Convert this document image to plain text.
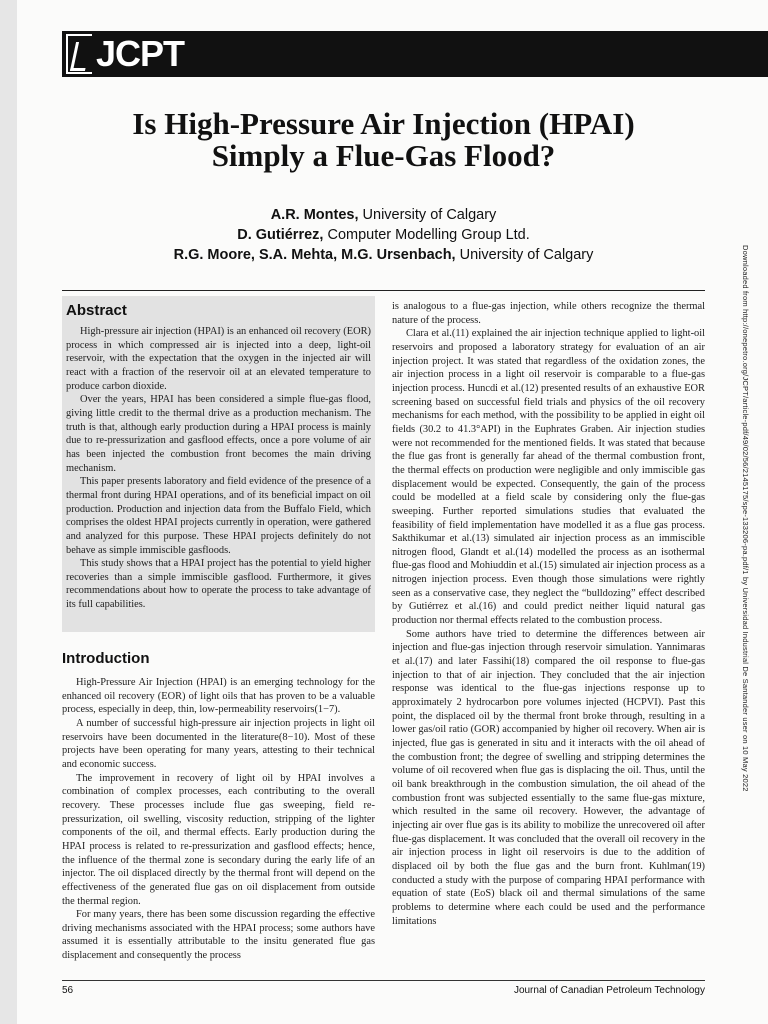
JCPT
Is High-Pressure Air Injection (HPAI)
Simply a Flue-Gas Flood?
A.R. Montes, University of Calgary
D. Gutiérrez, Computer Modelling Group Ltd.
R.G. Moore, S.A. Mehta, M.G. Ursenbach, University of Calgary	Downloaded from http://onepetro.org/JCPT/article-pdf/49/02/56/2145175/spe-133206-pa.pdf/1 by Universidad Industrial De Santander user on 10 May 2022
Abstract

High-pressure air injection (HPAI) is an enhanced oil recovery (EOR) process in which compressed air is injected into a deep, light-oil reservoir, with the expectation that the oxygen in the injected air will react with a fraction of the reservoir oil at an elevated temperature to produce carbon dioxide.

Over the years, HPAI has been considered a simple flue-gas flood, giving little credit to the thermal drive as a production mechanism. The truth is that, although early production during a HPAI process is mainly due to re-pressurization and gasflood effects, once a pore volume of air has been injected the combustion front becomes the main driving mechanism.

This paper presents laboratory and field evidence of the presence of a thermal front during HPAI operations, and of its beneficial impact on oil production. Production and injection data from the Buffalo Field, which comprises the oldest HPAI projects currently in operation, were gathered and analyzed for this purpose. These HPAI projects definitely do not behave as simple immiscible gasfloods.

This study shows that a HPAI project has the potential to yield higher recoveries than a simple immiscible gasflood. Furthermore, it gives recommendations about how to operate the process to take advantage of its full capabilities.

Introduction

High-Pressure Air Injection (HPAI) is an emerging technology for the enhanced oil recovery (EOR) of light oils that has proven to be a valuable process, especially in deep, thin, low-permeability reservoirs(1−7).

A number of successful high-pressure air injection projects in light oil reservoirs have been documented in the literature(8−10). Most of these projects have been operating for many years, attesting to their technical and economic success.

The improvement in recovery of light oil by HPAI involves a combination of complex processes, each contributing to the overall recovery. These processes include flue gas sweeping, field re-pressurization, oil swelling, viscosity reduction, stripping of the lighter components of the oil, and thermal effects. Early production during the HPAI process is related to re-pressurization and gasflood effects; hence, the influence of the thermal zone is secondary during the early life of an injector. The oil displaced directly by the thermal front will depend on the effectiveness of the generated flue gas on oil displacement from outside the thermal region.

For many years, there has been some discussion regarding the effective driving mechanisms associated with the HPAI process; some authors have assumed it is essentially attributable to the insitu generated flue gas displacement and consequently the process

is analogous to a flue-gas injection, while others recognize the thermal nature of the process.

Clara et al.(11) explained the air injection technique applied to light-oil reservoirs and proposed a laboratory strategy for evaluation of an air injection project. It was stated that regardless of the oxidation zones, the air injection process in a light oil reservoir is comparable to a flue-gas injection process. Huncdi et al.(12) presented results of an exhaustive EOR screening based on successful field trials and physics of the oil recovery mechanisms for each method, with the possibility to be applied in eight oil fields (30.2 to 41.3°API) in the Euphrates Graben. Air injection studies were not recommended for the mentioned fields. It was stated that because the flue gas front is generally far ahead of the thermal combustion front, the thermal effects on production were negligible and only immiscible gas displacement would be expected. Consequently, the gain of the process could be modelled at a field scale by considering only the flue-gas sweeping. Further reported simulations studies that evaluated the feasibility of field implementation have modelled it as a flue gas process. Sakthikumar et al.(13) simulated air injection process as an immiscible nitrogen flood, Glandt et al.(14) modelled the process as an isothermal flue-gas flood and Mohiuddin et al.(15) simulated air injection process as a nitrogen injection process. Even though those simulations were rightly seen as a conservative case, they neglect the “bulldozing” effect described by Gutiérrez et al.(16) and could predict neither liquid natural gas production nor thermal effects related to the combustion process.

Some authors have tried to determine the differences between air injection and flue-gas injection through reservoir simulation. Yannimaras et al.(17) and later Fassihi(18) compared the oil response to flue-gas injection to that of air injection. They concluded that the air injection response was identical to the flue-gas injections response up to approximately 2 hydrocarbon pore volumes injected (HCPVI). Past this point, the displaced oil by the thermal front broke through, resulting in a lower gas/oil ratio (GOR) accompanied by higher oil recovery. When air is injected, flue gas is generated in situ and it interacts with the oil ahead of the combustion front; the degree of swelling and stripping determines the volume of oil recovered when flue gas is displacing the oil. Thus, until the oil bank breakthrough in the combustion simulation, the oil ahead of the combustion front was subjected essentially to the same flue-gas mixture, which resulted in the same oil recovery. However, the advantage of injecting air over flue gas is its ability to mobilize the unrecovered oil after flue-gas displacement. It was concluded that the overall oil recovery in the air injection process in light oil reservoirs is due to the addition of displaced oil by both the flue gas and the burn front. Kuhlman(19) conducted a study with the purpose of comparing HPAI performance with equation of state (EoS) black oil and thermal simulations of the same problems to determine where each could be used and the performance limitations

56	Journal of Canadian Petroleum Technology
